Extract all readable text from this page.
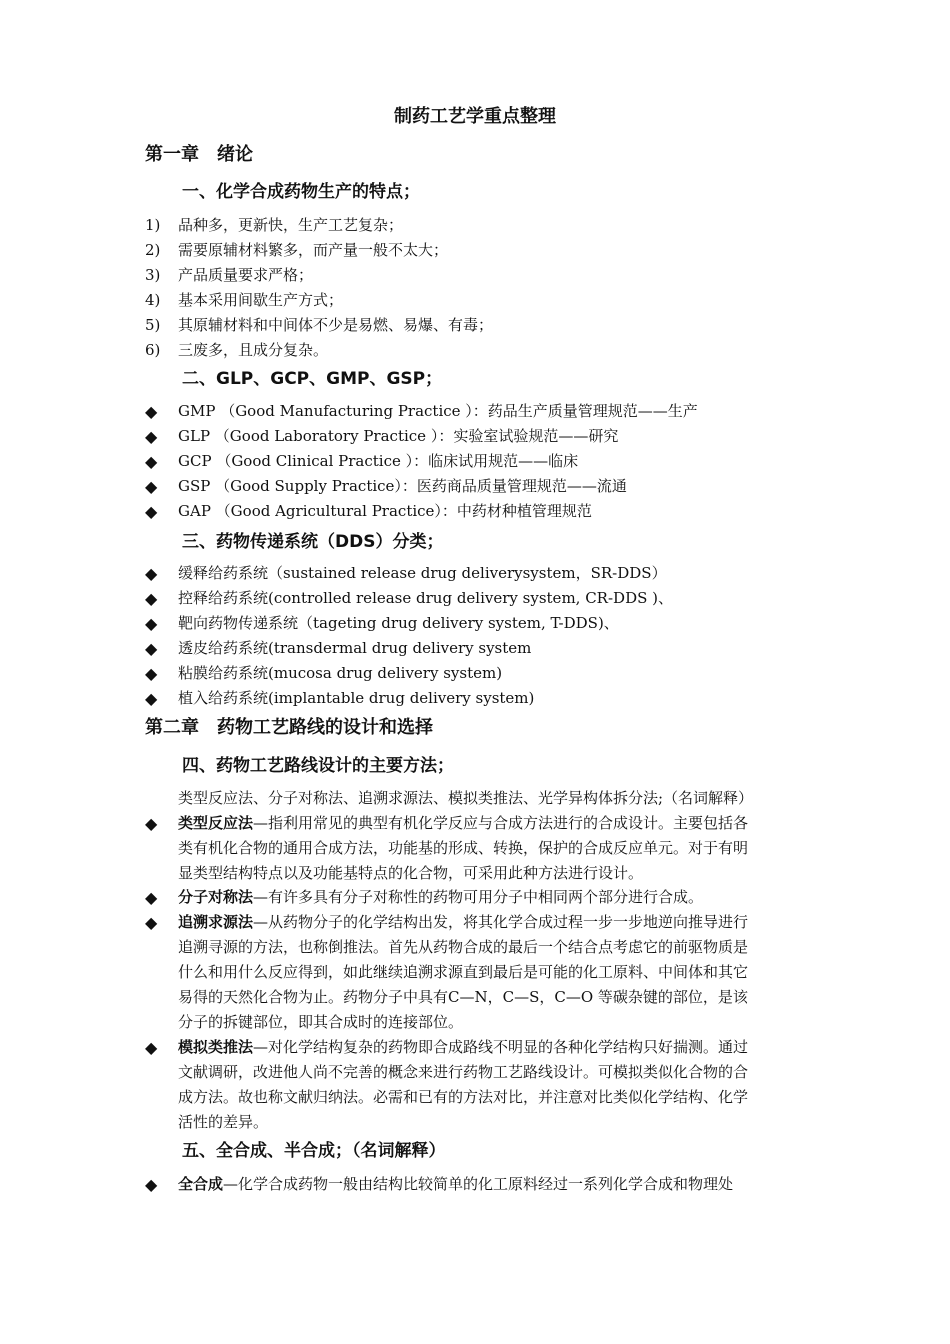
制药工艺学重点整理
第一章　绪论
一、化学合成药物生产的特点；
1) 品种多，更新快，生产工艺复杂；
2) 需要原辅材料繁多，而产量一般不太大；
3) 产品质量要求严格；
4) 基本采用间歇生产方式；
5) 其原辅材料和中间体不少是易燃、易爆、有毒；
6) 三废多，且成分复杂。
二、GLP、GCP、GMP、GSP；
◆ GMP （Good Manufacturing Practice ）：药品生产质量管理规范——生产
◆ GLP （Good Laboratory Practice ）：实验室试验规范——研究
◆ GCP （Good Clinical Practice ）：临床试用规范——临床
◆ GSP （Good Supply Practice）：医药商品质量管理规范——流通
◆ GAP （Good Agricultural Practice）：中药材种植管理规范
三、药物传递系统（DDS）分类；
◆ 缓释给药系统（sustained release drug deliverysystem，SR-DDS）
◆ 控释给药系统(controlled release drug delivery system, CR-DDS )、
◆ 靶向药物传递系统（tageting drug delivery system, T-DDS)、
◆ 透皮给药系统(transdermal drug delivery system
◆ 粘膜给药系统(mucosa drug delivery system)
◆ 植入给药系统(implantable drug delivery system)
第二章　药物工艺路线的设计和选择
四、药物工艺路线设计的主要方法；
类型反应法、分子对称法、追溯求源法、模拟类推法、光学异构体拆分法;（名词解释）
◆ 类型反应法—指利用常见的典型有机化学反应与合成方法进行的合成设计。主要包括各
类有机化合物的通用合成方法，功能基的形成、转换，保护的合成反应单元。对于有明
显类型结构特点以及功能基特点的化合物，可采用此种方法进行设计。
◆ 分子对称法—有许多具有分子对称性的药物可用分子中相同两个部分进行合成。
◆ 追溯求源法—从药物分子的化学结构出发，将其化学合成过程一步一步地逆向推导进行
追溯寻源的方法，也称倒推法。首先从药物合成的最后一个结合点考虑它的前驱物质是
什么和用什么反应得到，如此继续追溯求源直到最后是可能的化工原料、中间体和其它
易得的天然化合物为止。药物分子中具有C—N，C—S，C—O 等碳杂键的部位，是该
分子的拆键部位，即其合成时的连接部位。
◆ 模拟类推法—对化学结构复杂的药物即合成路线不明显的各种化学结构只好揣测。通过
文献调研，改进他人尚不完善的概念来进行药物工艺路线设计。可模拟类似化合物的合
成方法。故也称文献归纳法。必需和已有的方法对比，并注意对比类似化学结构、化学
活性的差异。
五、全合成、半合成；（名词解释）
◆ 全合成—化学合成药物一般由结构比较简单的化工原料经过一系列化学合成和物理处
